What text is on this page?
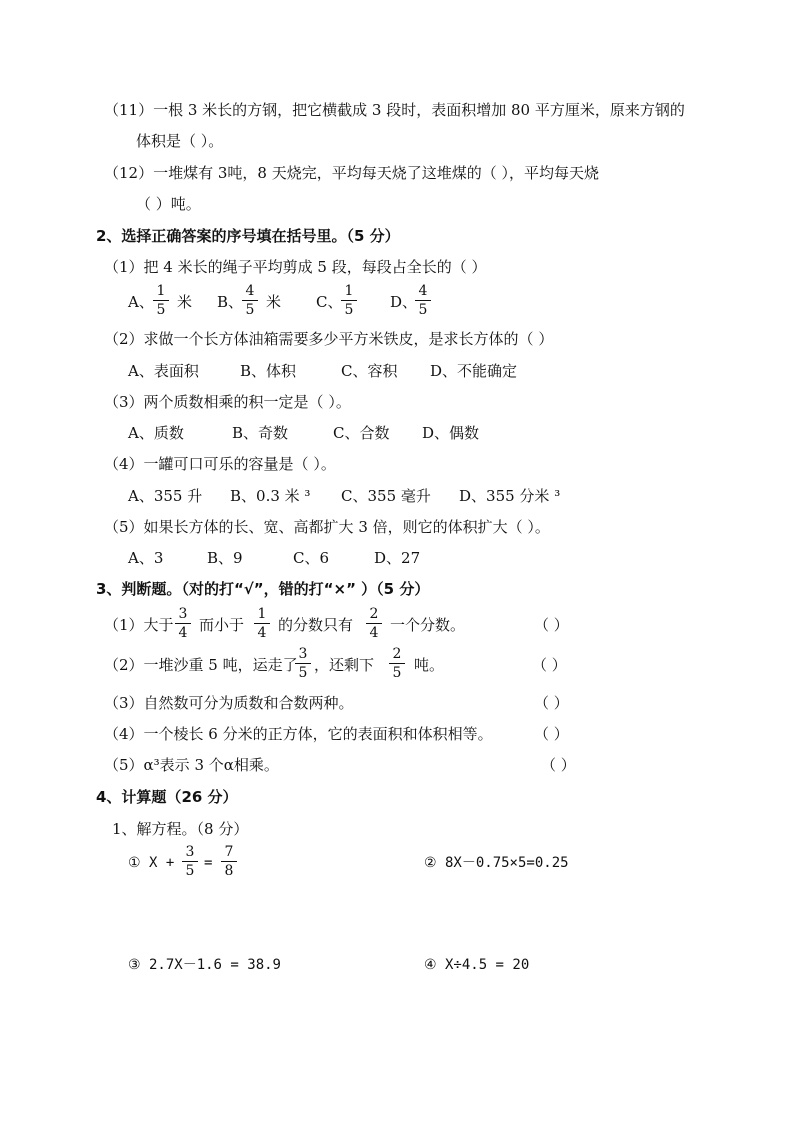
（11）一根 3 米长的方钢，把它横截成 3 段时，表面积增加 80 平方厘米，原来方钢的
体积是（ ）。
（12）一堆煤有 3吨，8 天烧完，平均每天烧了这堆煤的（ ），平均每天烧
（ ）吨。
2、选择正确答案的序号填在括号里。（5 分）
（1）把 4 米长的绳子平均剪成 5 段，每段占全长的（ ）
A、
1
5 米 B、
4
5 米 C、
1
5 D、
4
5
（2）求做一个长方体油箱需要多少平方米铁皮，是求长方体的（ ）
A、表面积	B、体积	C、容积 D、不能确定
（3）两个质数相乘的积一定是（ ）。
A、质数	B、奇数	C、合数 D、偶数
（4）一罐可口可乐的容量是（ ）。
A、355 升 B、0.3 米 ³ C、355 毫升 D、355 分米 ³
（5）如果长方体的长、宽、高都扩大 3 倍，则它的体积扩大（ ）。
A、3	B、9	C、6	D、27
3、判断题。（对的打“√”，错的打“×” ）（5 分）
（1）大于
3
4 而小于
1
4 的分数只有
2
4 一个分数。	（ ）
（2）一堆沙重 5 吨，运走了
3
5 ，还剩下
2
5 吨。	（ ）
（3）自然数可分为质数和合数两种。	（ ）
（4）一个棱长 6 分米的正方体，它的表面积和体积相等。	（ ）
（5）α³表示 3 个α相乘。	（ ）
4、计算题（26 分）
1、解方程。（8 分）
① X +
3
5 =
7
8	② 8X－0.75×5=0.25
③ 2.7X－1.6 = 38.9	④ X÷4.5 = 20
